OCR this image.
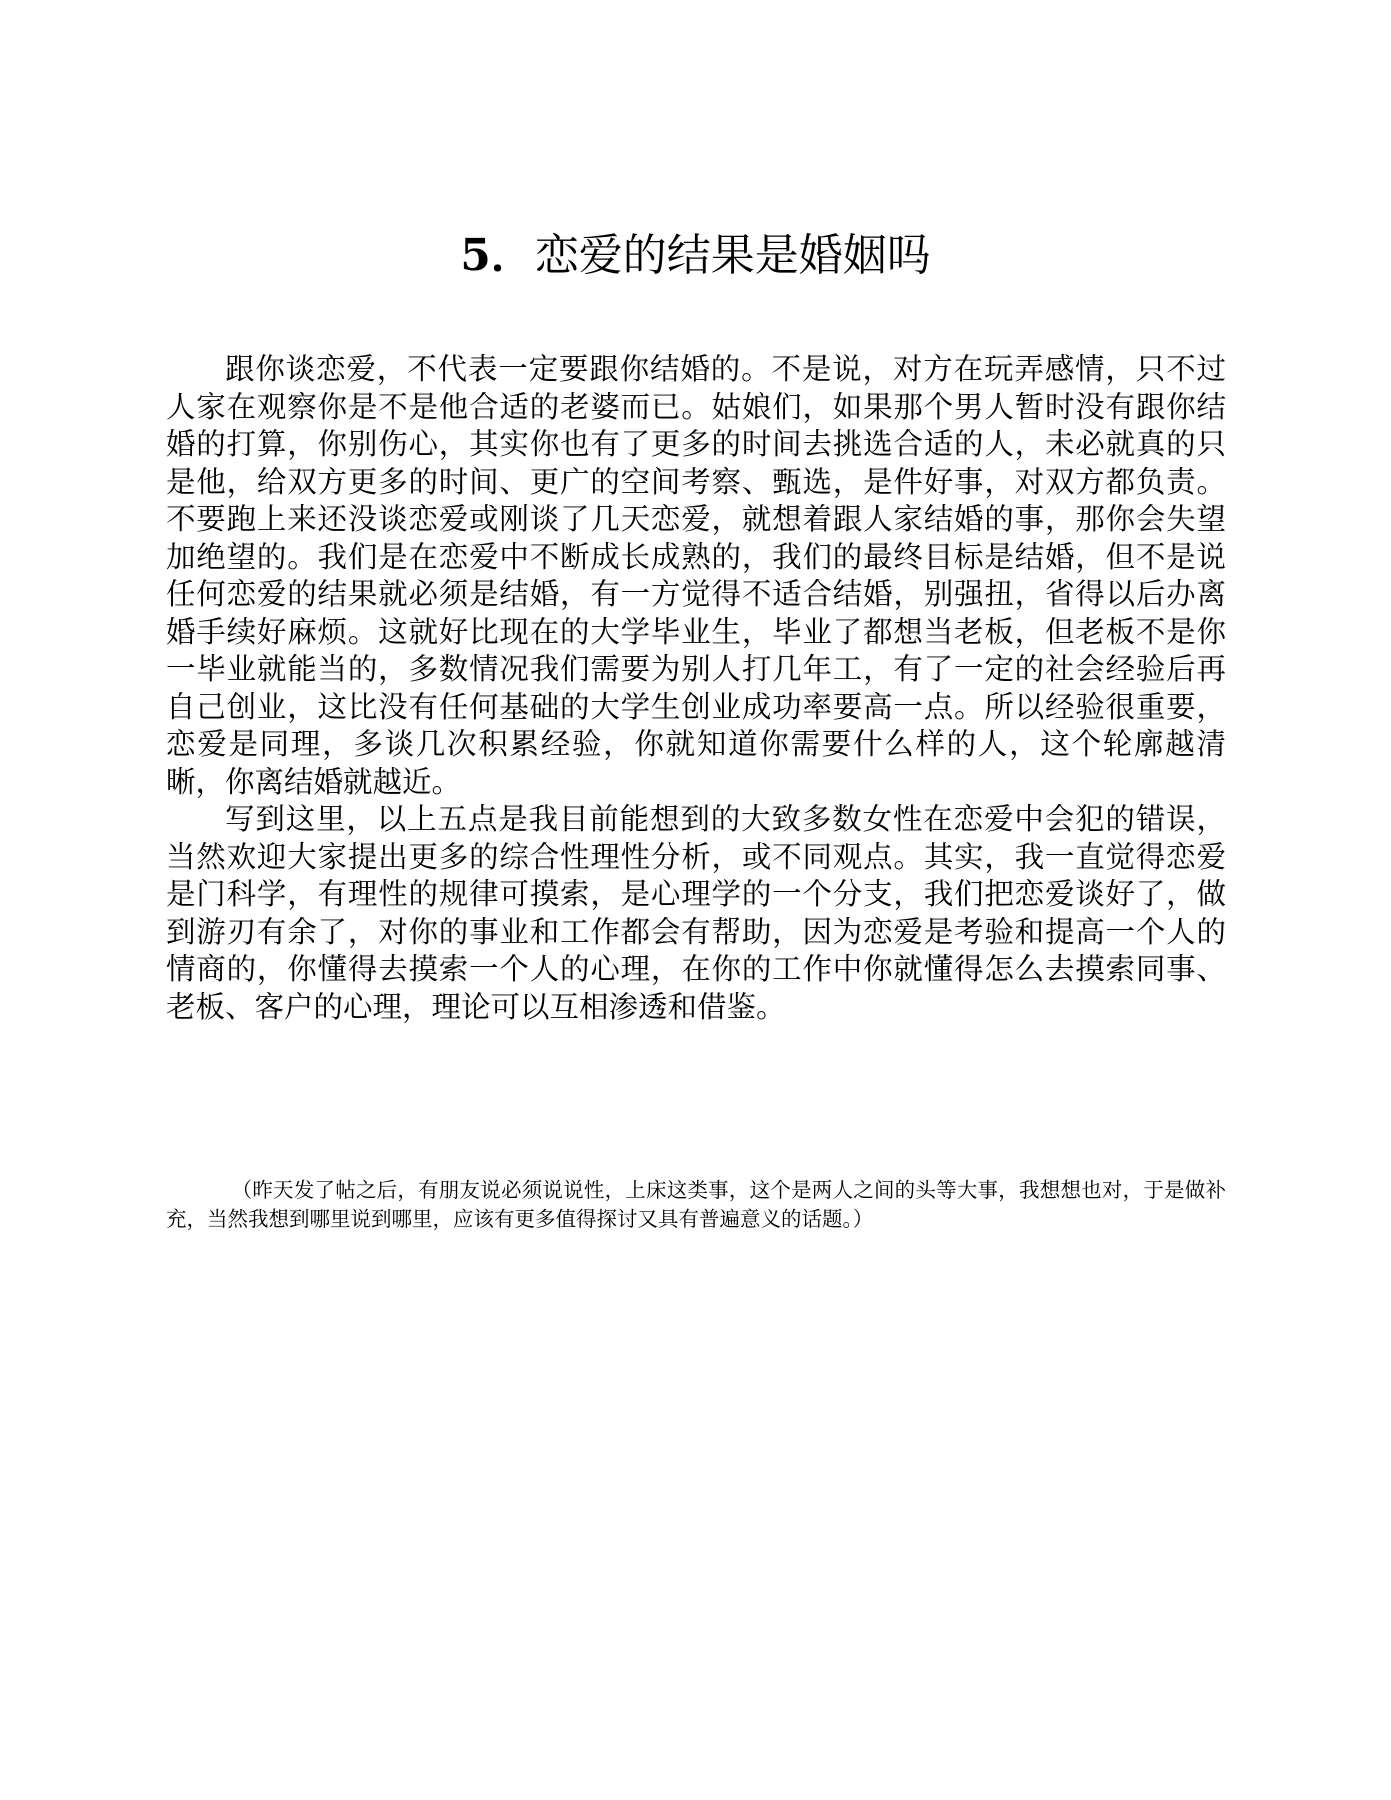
5．恋爱的结果是婚姻吗

跟你谈恋爱，不代表一定要跟你结婚的。不是说，对方在玩弄感情，只不过人家在观察你是不是他合适的老婆而已。姑娘们，如果那个男人暂时没有跟你结婚的打算，你别伤心，其实你也有了更多的时间去挑选合适的人，未必就真的只是他，给双方更多的时间、更广的空间考察、甄选，是件好事，对双方都负责。不要跑上来还没谈恋爱或刚谈了几天恋爱，就想着跟人家结婚的事，那你会失望加绝望的。我们是在恋爱中不断成长成熟的，我们的最终目标是结婚，但不是说任何恋爱的结果就必须是结婚，有一方觉得不适合结婚，别强扭，省得以后办离婚手续好麻烦。这就好比现在的大学毕业生，毕业了都想当老板，但老板不是你一毕业就能当的，多数情况我们需要为别人打几年工，有了一定的社会经验后再自己创业，这比没有任何基础的大学生创业成功率要高一点。所以经验很重要，恋爱是同理，多谈几次积累经验，你就知道你需要什么样的人，这个轮廓越清晰，你离结婚就越近。

写到这里，以上五点是我目前能想到的大致多数女性在恋爱中会犯的错误，当然欢迎大家提出更多的综合性理性分析，或不同观点。其实，我一直觉得恋爱是门科学，有理性的规律可摸索，是心理学的一个分支，我们把恋爱谈好了，做到游刃有余了，对你的事业和工作都会有帮助，因为恋爱是考验和提高一个人的情商的，你懂得去摸索一个人的心理，在你的工作中你就懂得怎么去摸索同事、老板、客户的心理，理论可以互相渗透和借鉴。

（昨天发了帖之后，有朋友说必须说说性，上床这类事，这个是两人之间的头等大事，我想想也对，于是做补充，当然我想到哪里说到哪里，应该有更多值得探讨又具有普遍意义的话题。）
